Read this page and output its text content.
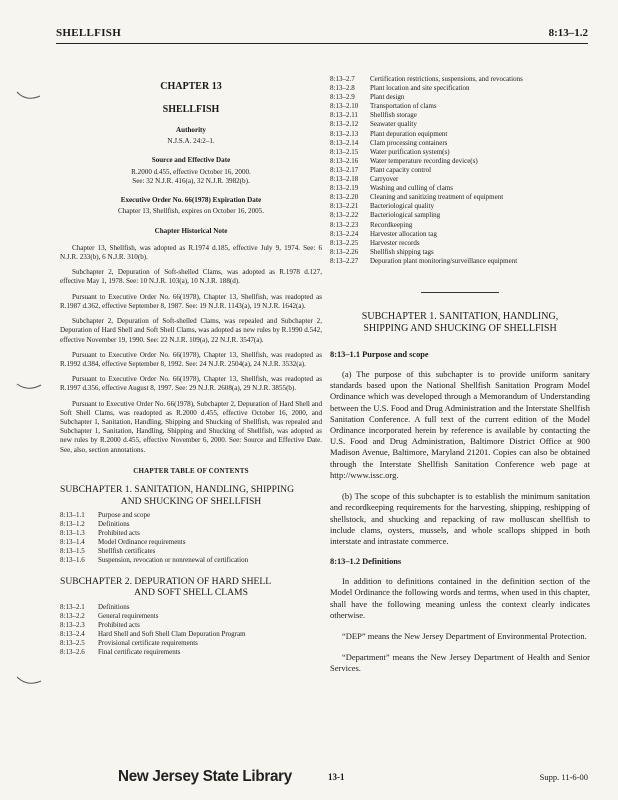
SHELLFISH	8:13–1.2
CHAPTER 13
SHELLFISH
Authority

N.J.S.A. 24:2–1.

Source and Effective Date

R.2000 d.455, effective October 16, 2000.

See: 32 N.J.R. 416(a), 32 N.J.R. 3982(b).

Executive Order No. 66(1978) Expiration Date

Chapter 13, Shellfish, expires on October 16, 2005.

Chapter Historical Note

Chapter 13, Shellfish, was adopted as R.1974 d.185, effective July 9, 1974. See: 6 N.J.R. 233(b), 6 N.J.R. 310(b).

Subchapter 2, Depuration of Soft-shelled Clams, was adopted as R.1978 d.127, effective May 1, 1978. See: 10 N.J.R. 103(a), 10 N.J.R. 188(d).

Pursuant to Executive Order No. 66(1978), Chapter 13, Shellfish, was readopted as R.1987 d.362, effective September 8, 1987. See: 19 N.J.R. 1143(a), 19 N.J.R. 1642(a).

Subchapter 2, Depuration of Soft-shelled Clams, was repealed and Subchapter 2, Depuration of Hard Shell and Soft Shell Clams, was adopted as new rules by R.1990 d.542, effective November 19, 1990. See: 22 N.J.R. 109(a), 22 N.J.R. 3547(a).

Pursuant to Executive Order No. 66(1978), Chapter 13, Shellfish, was readopted as R.1992 d.384, effective September 8, 1992. See: 24 N.J.R. 2504(a), 24 N.J.R. 3532(a).

Pursuant to Executive Order No. 66(1978), Chapter 13, Shellfish, was readopted as R.1997 d.356, effective August 8, 1997. See: 29 N.J.R. 2608(a), 29 N.J.R. 3855(b).

Pursuant to Executive Order No. 66(1978), Subchapter 2, Depuration of Hard Shell and Soft Shell Clams, was readopted as R.2000 d.455, effective October 16, 2000, and Subchapter 1, Sanitation, Handling, Shipping and Shucking of Shellfish, was repealed and Subchapter 1, Sanitation, Handling, Shipping and Shucking of Shellfish, was adopted as new rules by R.2000 d.455, effective November 6, 2000. See: Source and Effective Date. See, also, section annotations.

CHAPTER TABLE OF CONTENTS
SUBCHAPTER 1. SANITATION, HANDLING, SHIPPING
AND SHUCKING OF SHELLFISH
8:13–1.1	Purpose and scope
8:13–1.2	Definitions
8:13–1.3	Prohibited acts
8:13–1.4	Model Ordinance requirements
8:13–1.5	Shellfish certificates
8:13–1.6	Suspension, revocation or nonrenewal of certification
SUBCHAPTER 2. DEPURATION OF HARD SHELL
AND SOFT SHELL CLAMS
8:13–2.1	Definitions
8:13–2.2	General requirements
8:13–2.3	Prohibited acts
8:13–2.4	Hard Shell and Soft Shell Clam Depuration Program
8:13–2.5	Provisional certificate requirements
8:13–2.6	Final certificate requirements
8:13–2.7	Certification restrictions, suspensions, and revocations
8:13–2.8	Plant location and site specification
8:13–2.9	Plant design
8:13–2.10	Transportation of clams
8:13–2.11	Shellfish storage
8:13–2.12	Seawater quality
8:13–2.13	Plant depuration equipment
8:13–2.14	Clam processing containers
8:13–2.15	Water purification system(s)
8:13–2.16	Water temperature recording device(s)
8:13–2.17	Plant capacity control
8:13–2.18	Carryover
8:13–2.19	Washing and culling of clams
8:13–2.20	Cleaning and sanitizing treatment of equipment
8:13–2.21	Bacteriological quality
8:13–2.22	Bacteriological sampling
8:13–2.23	Recordkeeping
8:13–2.24	Harvester allocation tag
8:13–2.25	Harvester records
8:13–2.26	Shellfish shipping tags
8:13–2.27	Depuration plant monitoring/surveillance equipment
SUBCHAPTER 1. SANITATION, HANDLING,
SHIPPING AND SHUCKING OF SHELLFISH
8:13–1.1 Purpose and scope

(a) The purpose of this subchapter is to provide uniform sanitary standards based upon the National Shellfish Sanitation Program Model Ordinance which was developed through a Memorandum of Understanding between the U.S. Food and Drug Administration and the Interstate Shellfish Sanitation Conference. A full text of the current edition of the Model Ordinance incorporated herein by reference is available by contacting the U.S. Food and Drug Administration, Baltimore District Office at 900 Madison Avenue, Baltimore, Maryland 21201. Copies can also be obtained through the Interstate Shellfish Sanitation Conference web page at http://www.issc.org.

(b) The scope of this subchapter is to establish the minimum sanitation and recordkeeping requirements for the harvesting, shipping, reshipping of shellstock, and shucking and repacking of raw molluscan shellfish to include clams, oysters, mussels, and whole scallops shipped in both interstate and intrastate commerce.

8:13–1.2 Definitions

In addition to definitions contained in the definition section of the Model Ordinance the following words and terms, when used in this chapter, shall have the following meaning unless the context clearly indicates otherwise.

“DEP” means the New Jersey Department of Environmental Protection.

“Department” means the New Jersey Department of Health and Senior Services.

New Jersey State Library	13-1	Supp. 11-6-00
